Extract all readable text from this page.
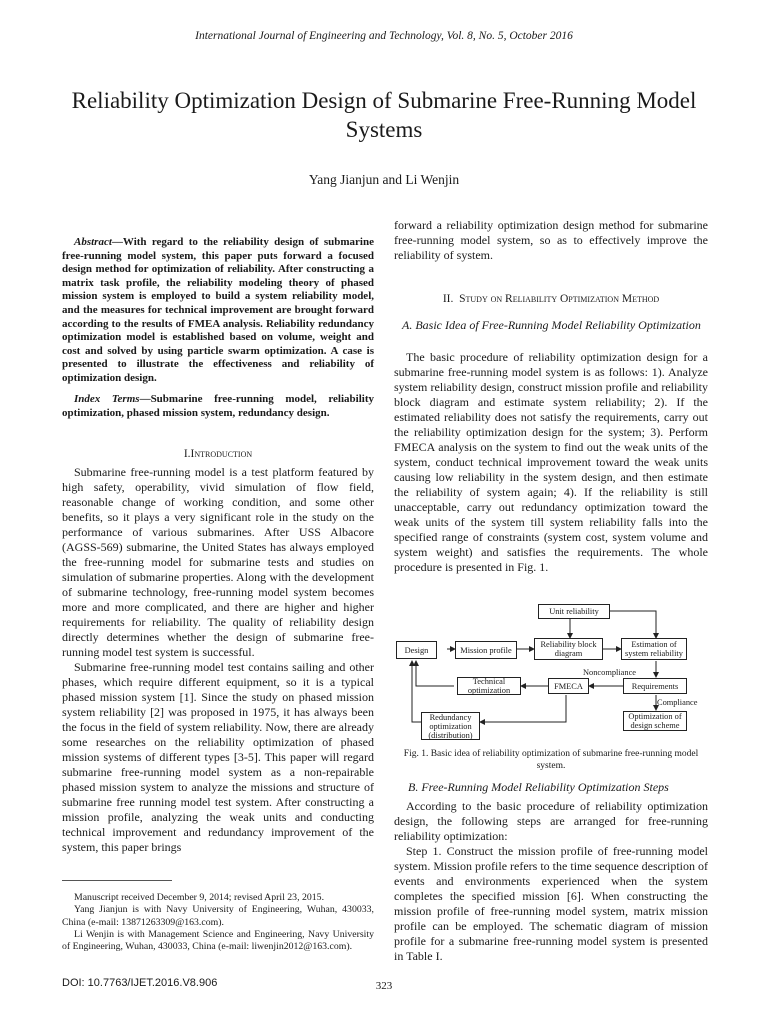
International Journal of Engineering and Technology, Vol. 8, No. 5, October 2016
Reliability Optimization Design of Submarine Free-Running Model Systems
Yang Jianjun and Li Wenjin
Abstract—With regard to the reliability design of submarine free-running model system, this paper puts forward a focused design method for optimization of reliability. After constructing a matrix task profile, the reliability modeling theory of phased mission system is employed to build a system reliability model, and the measures for technical improvement are brought forward according to the results of FMEA analysis. Reliability redundancy optimization model is established based on volume, weight and cost and solved by using particle swarm optimization. A case is presented to illustrate the effectiveness and reliability of optimization design.
Index Terms—Submarine free-running model, reliability optimization, phased mission system, redundancy design.
I.Introduction

Submarine free-running model is a test platform featured by high safety, operability, vivid simulation of flow field, reasonable change of working condition, and some other benefits, so it plays a very significant role in the study on the performance of various submarines. After USS Albacore (AGSS-569) submarine, the United States has always employed the free-running model for submarine tests and studies on simulation of submarine properties. Along with the development of submarine technology, free-running model system becomes more and more complicated, and there are higher and higher requirements for reliability. The quality of reliability design directly determines whether the design of submarine free-running model test system is successful.

Submarine free-running model test contains sailing and other phases, which require different equipment, so it is a typical phased mission system [1]. Since the study on phased mission system reliability [2] was proposed in 1975, it has always been the focus in the field of system reliability. Now, there are already some researches on the reliability optimization of phased mission systems of different types [3-5]. This paper will regard submarine free-running model system as a non-repairable phased mission system to analyze the missions and structure of submarine free running model test system. After constructing a mission profile, analyzing the weak units and conducting technical improvement and redundancy improvement of the system, this paper brings

Manuscript received December 9, 2014; revised April 23, 2015.

Yang Jianjun is with Navy University of Engineering, Wuhan, 430033, China (e-mail: 13871263309@163.com).

Li Wenjin is with Management Science and Engineering, Navy University of Engineering, Wuhan, 430033, China (e-mail: liwenjin2012@163.com).

forward a reliability optimization design method for submarine free-running model system, so as to effectively improve the reliability of system.
II. Study on Reliability Optimization Method
A. Basic Idea of Free-Running Model Reliability Optimization

The basic procedure of reliability optimization design for a submarine free-running model system is as follows: 1). Analyze system reliability design, construct mission profile and reliability block diagram and estimate system reliability; 2). If the estimated reliability does not satisfy the requirements, carry out the reliability optimization design for the system; 3). Perform FMECA analysis on the system to find out the weak units of the system, conduct technical improvement toward the weak units causing low reliability in the system design, and then estimate the reliability of system again; 4). If the reliability is still unacceptable, carry out redundancy optimization toward the weak units of the system till system reliability falls into the specified range of constraints (system cost, system volume and system weight) and satisfies the requirements. The whole procedure is presented in Fig. 1.

Unit reliability
Design	Mission profile
Reliability block diagram
Estimation of system reliability
Noncompliance
Technical optimization	FMECA	Requirements
Compliance
Redundancy optimization (distribution)
Optimization of design scheme
Fig. 1. Basic idea of reliability optimization of submarine free-running model system.
B. Free-Running Model Reliability Optimization Steps

According to the basic procedure of reliability optimization design, the following steps are arranged for free-running reliability optimization:

Step 1. Construct the mission profile of free-running model system. Mission profile refers to the time sequence description of events and environments experienced when the system completes the specified mission [6]. When constructing the mission profile of free-running model system, matrix mission profile can be employed. The schematic diagram of mission profile for a submarine free-running model system is presented in Table I.

DOI: 10.7763/IJET.2016.V8.906	323
